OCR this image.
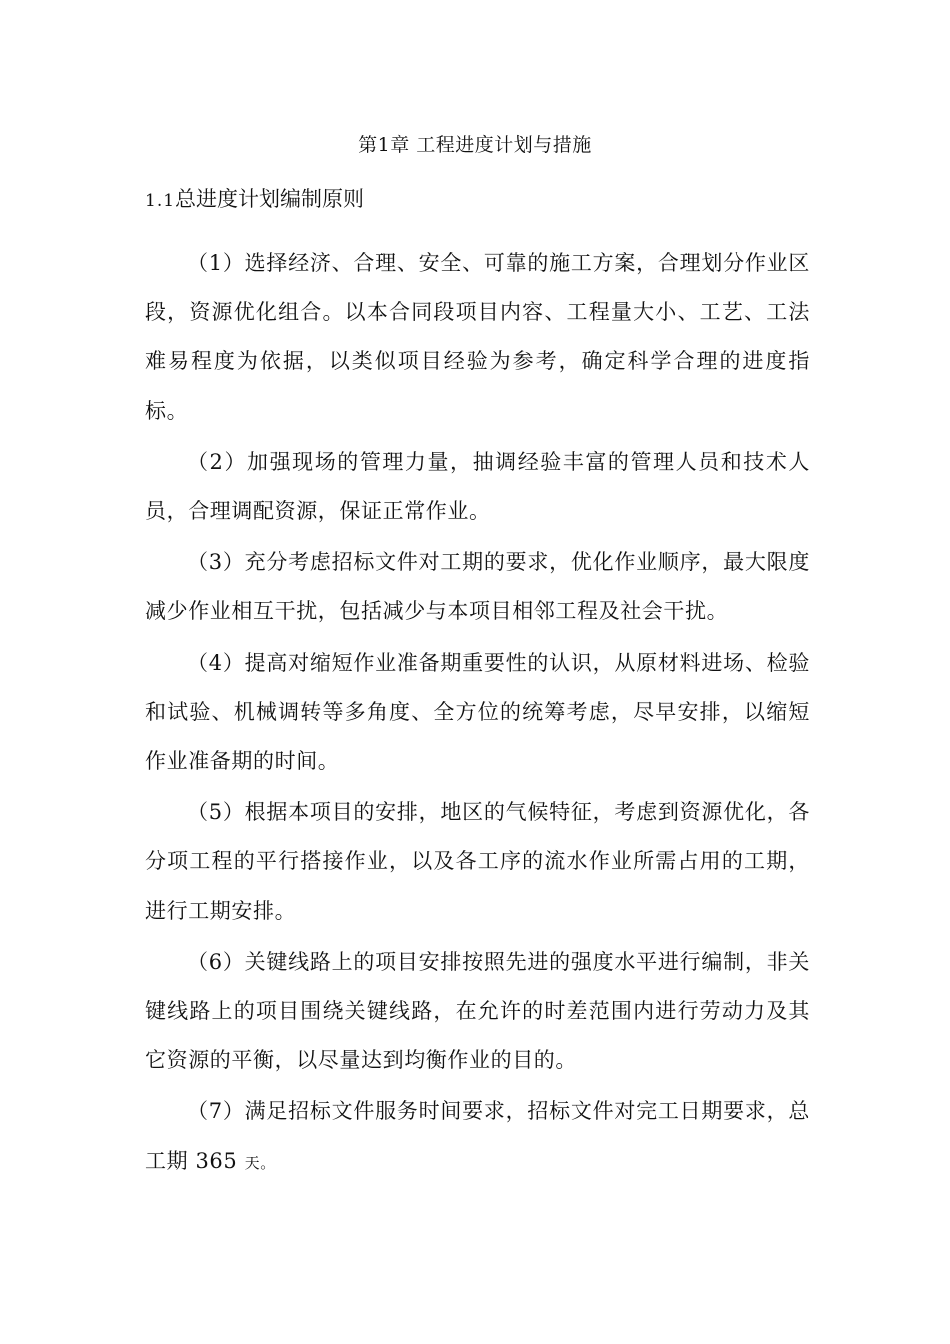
第1章 工程进度计划与措施
1.1总进度计划编制原则

（1）选择经济、合理、安全、可靠的施工方案，合理划分作业区段，资源优化组合。以本合同段项目内容、工程量大小、工艺、工法难易程度为依据，以类似项目经验为参考，确定科学合理的进度指标。

（2）加强现场的管理力量，抽调经验丰富的管理人员和技术人员，合理调配资源，保证正常作业。

（3）充分考虑招标文件对工期的要求，优化作业顺序，最大限度减少作业相互干扰，包括减少与本项目相邻工程及社会干扰。

（4）提高对缩短作业准备期重要性的认识，从原材料进场、检验和试验、机械调转等多角度、全方位的统筹考虑，尽早安排，以缩短作业准备期的时间。

（5）根据本项目的安排，地区的气候特征，考虑到资源优化，各分项工程的平行搭接作业，以及各工序的流水作业所需占用的工期，进行工期安排。

（6）关键线路上的项目安排按照先进的强度水平进行编制，非关键线路上的项目围绕关键线路，在允许的时差范围内进行劳动力及其它资源的平衡，以尽量达到均衡作业的目的。

（7）满足招标文件服务时间要求，招标文件对完工日期要求，总工期 365 天。
